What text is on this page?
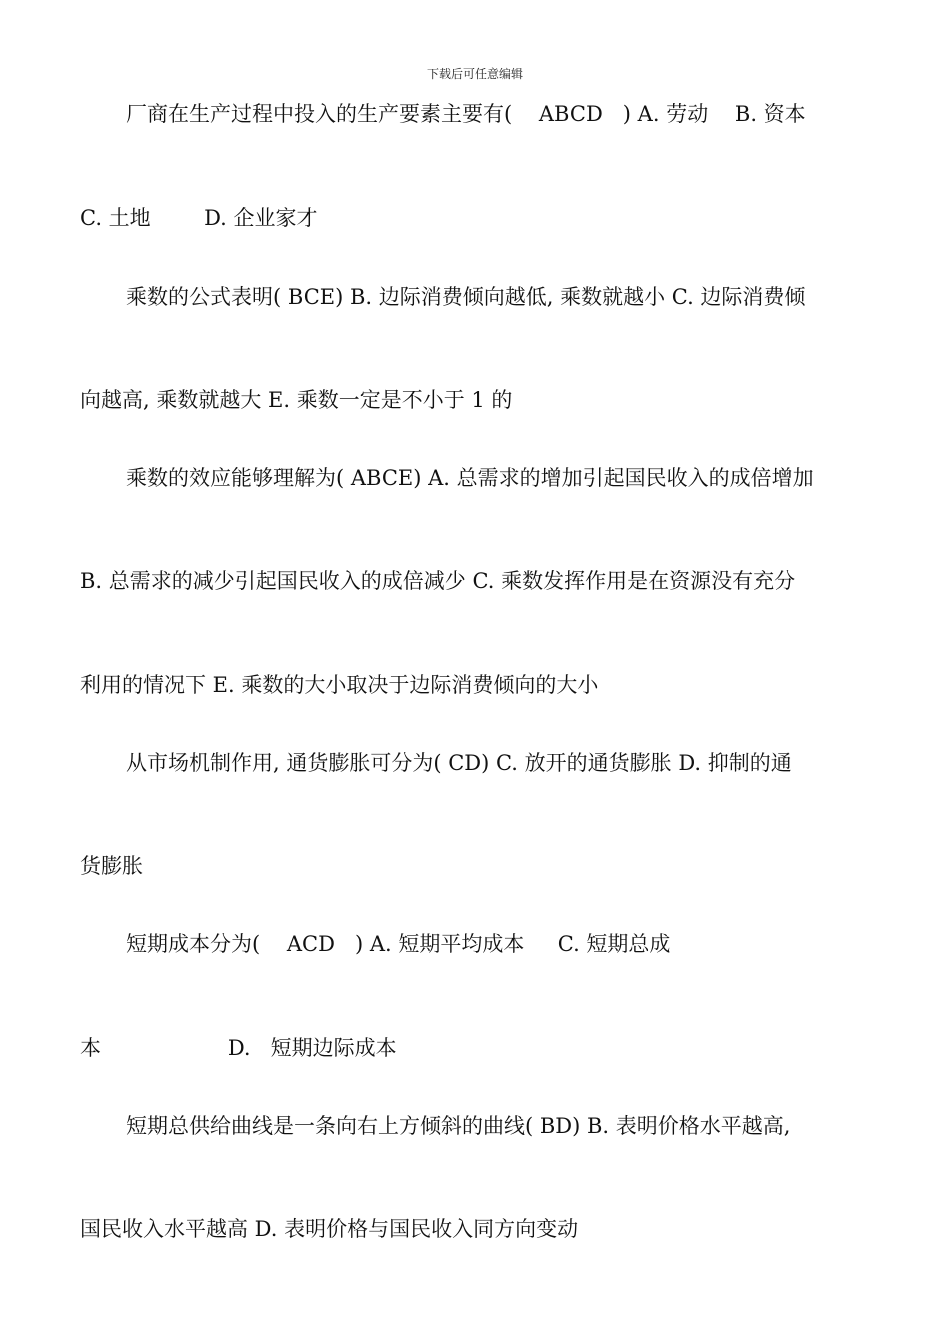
下载后可任意编辑
厂商在生产过程中投入的生产要素主要有(    ABCD   ) A. 劳动    B. 资本
C. 土地        D. 企业家才
乘数的公式表明( BCE) B. 边际消费倾向越低, 乘数就越小 C. 边际消费倾
向越高, 乘数就越大 E. 乘数一定是不小于 1 的
乘数的效应能够理解为( ABCE) A. 总需求的增加引起国民收入的成倍增加
B. 总需求的减少引起国民收入的成倍减少 C. 乘数发挥作用是在资源没有充分
利用的情况下 E. 乘数的大小取决于边际消费倾向的大小
从市场机制作用, 通货膨胀可分为( CD) C. 放开的通货膨胀 D. 抑制的通
货膨胀
短期成本分为(    ACD   ) A. 短期平均成本     C. 短期总成
本                   D.   短期边际成本
短期总供给曲线是一条向右上方倾斜的曲线( BD) B. 表明价格水平越高,
国民收入水平越高 D. 表明价格与国民收入同方向变动
